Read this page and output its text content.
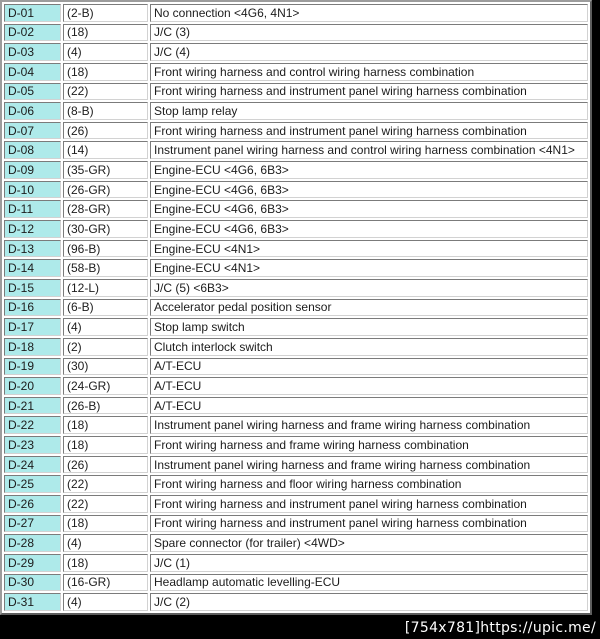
D-01	(2-B)	No connection <4G6, 4N1>
D-02	(18)	J/C (3)
D-03	(4)	J/C (4)
D-04	(18)	Front wiring harness and control wiring harness combination
D-05	(22)	Front wiring harness and instrument panel wiring harness combination
D-06	(8-B)	Stop lamp relay
D-07	(26)	Front wiring harness and instrument panel wiring harness combination
D-08	(14)	Instrument panel wiring harness and control wiring harness combination <4N1>
D-09	(35-GR)	Engine-ECU <4G6, 6B3>
D-10	(26-GR)	Engine-ECU <4G6, 6B3>
D-11	(28-GR)	Engine-ECU <4G6, 6B3>
D-12	(30-GR)	Engine-ECU <4G6, 6B3>
D-13	(96-B)	Engine-ECU <4N1>
D-14	(58-B)	Engine-ECU <4N1>
D-15	(12-L)	J/C (5) <6B3>
D-16	(6-B)	Accelerator pedal position sensor
D-17	(4)	Stop lamp switch
D-18	(2)	Clutch interlock switch
D-19	(30)	A/T-ECU
D-20	(24-GR)	A/T-ECU
D-21	(26-B)	A/T-ECU
D-22	(18)	Instrument panel wiring harness and frame wiring harness combination
D-23	(18)	Front wiring harness and frame wiring harness combination
D-24	(26)	Instrument panel wiring harness and frame wiring harness combination
D-25	(22)	Front wiring harness and floor wiring harness combination
D-26	(22)	Front wiring harness and instrument panel wiring harness combination
D-27	(18)	Front wiring harness and instrument panel wiring harness combination
D-28	(4)	Spare connector (for trailer) <4WD>
D-29	(18)	J/C (1)
D-30	(16-GR)	Headlamp automatic levelling-ECU
D-31	(4)	J/C (2)
[754x781]https://upic.me/
